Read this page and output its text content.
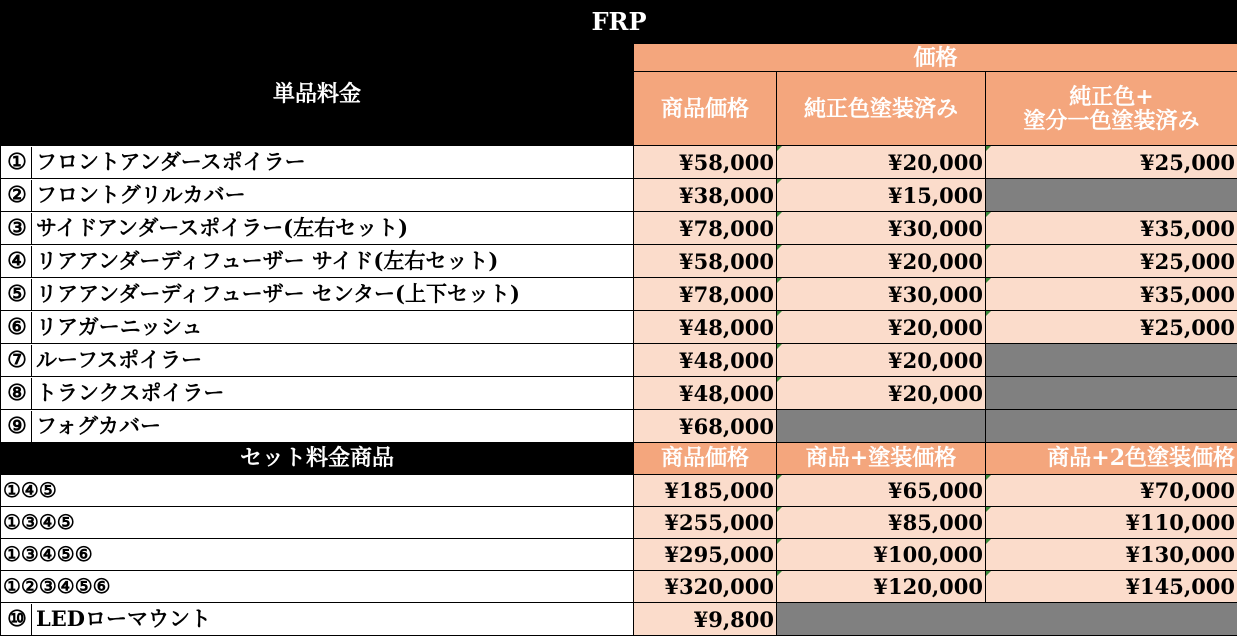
FRP			
単品料金	価格		
	商品価格	純正色塗装済み	純正色+
塗分一色塗装済み
① フロントアンダースポイラー	¥58,000	¥20,000	¥25,000
② フロントグリルカバー	¥38,000	¥15,000	
③ サイドアンダースポイラー(左右セット)	¥78,000	¥30,000	¥35,000
④ リアアンダーディフューザー サイド(左右セット)	¥58,000	¥20,000	¥25,000
⑤ リアアンダーディフューザー センター(上下セット)	¥78,000	¥30,000	¥35,000
⑥ リアガーニッシュ	¥48,000	¥20,000	¥25,000
⑦ ルーフスポイラー	¥48,000	¥20,000	
⑧ トランクスポイラー	¥48,000	¥20,000	
⑨ フォグカバー	¥68,000		
セット料金商品	商品価格	商品+塗装価格	商品+2色塗装価格
①④⑤	¥185,000	¥65,000	¥70,000
①③④⑤	¥255,000	¥85,000	¥110,000
①③④⑤⑥	¥295,000	¥100,000	¥130,000
①②③④⑤⑥	¥320,000	¥120,000	¥145,000
⑩ LEDローマウント	¥9,800		
